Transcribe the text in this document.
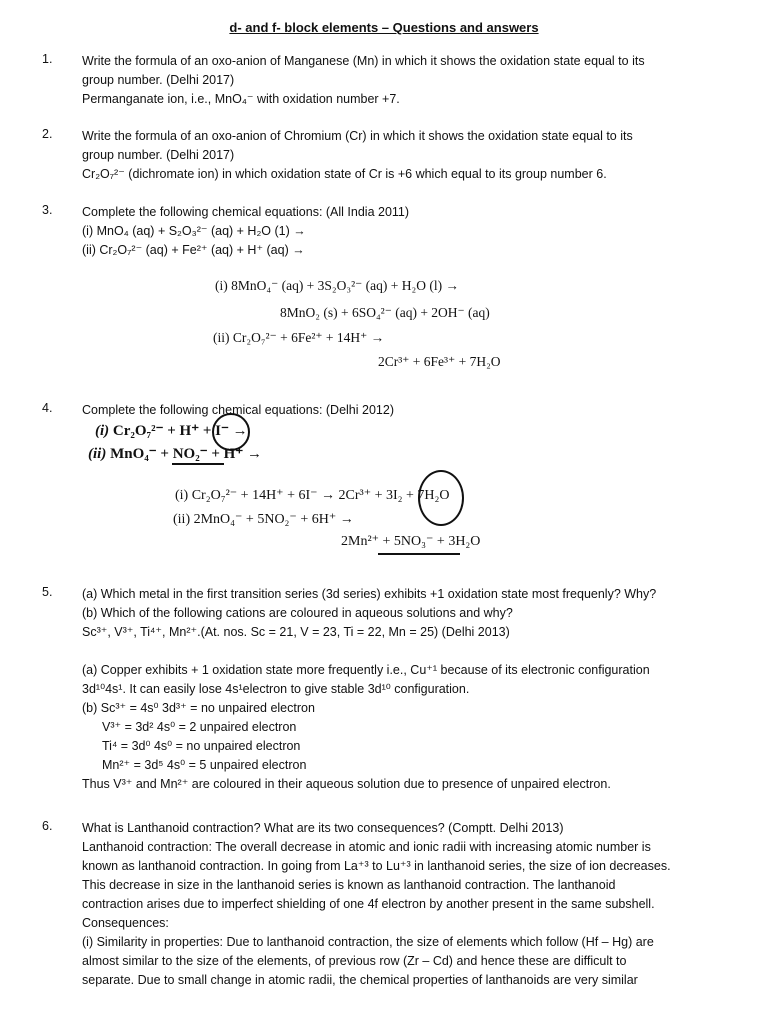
d- and f- block elements – Questions and answers
1.	Write the formula of an oxo-anion of Manganese (Mn) in which it shows the oxidation state equal to its
group number. (Delhi 2017)
Permanganate ion, i.e., MnO₄⁻ with oxidation number +7.
2.	Write the formula of an oxo-anion of Chromium (Cr) in which it shows the oxidation state equal to its
group number. (Delhi 2017)
Cr₂O₇²⁻ (dichromate ion) in which oxidation state of Cr is +6 which equal to its group number 6.
3.	Complete the following chemical equations: (All India 2011)
(i) MnO₄ (aq) + S₂O₃²⁻ (aq) + H₂O (1) →
(ii) Cr₂O₇²⁻ (aq) + Fe²⁺ (aq) + H⁺ (aq) →
(i) 8MnO₄⁻ (aq) + 3S₂O₃²⁻ (aq) + H₂O (l) →
8MnO₂ (s) + 6SO₄²⁻ (aq) + 2OH⁻ (aq)
(ii) Cr₂O₇²⁻ + 6Fe²⁺ + 14H⁺ →
2Cr³⁺ + 6Fe³⁺ + 7H₂O
4.	Complete the following chemical equations: (Delhi 2012)
(i) Cr₂O₇²⁻ + H⁺ + I⁻ →
(ii) MnO₄⁻ + NO₂⁻ + H⁺ →
(i) Cr₂O₇²⁻ + 14H⁺ + 6I⁻ → 2Cr³⁺ + 3I₂ + 7H₂O
(ii) 2MnO₄⁻ + 5NO₂⁻ + 6H⁺ →
2Mn²⁺ + 5NO₃⁻ + 3H₂O
5.	(a) Which metal in the first transition series (3d series) exhibits +1 oxidation state most frequenly? Why?
(b) Which of the following cations are coloured in aqueous solutions and why?
Sc³⁺, V³⁺, Ti⁴⁺, Mn²⁺.(At. nos. Sc = 21, V = 23, Ti = 22, Mn = 25) (Delhi 2013)
(a) Copper exhibits + 1 oxidation state more frequently i.e., Cu⁺¹ because of its electronic configuration
3d¹⁰4s¹. It can easily lose 4s¹electron to give stable 3d¹⁰ configuration.
(b) Sc³⁺ = 4s⁰ 3d³⁺ = no unpaired electron
V³⁺ = 3d² 4s⁰ = 2 unpaired electron
Ti⁴ = 3d⁰ 4s⁰ = no unpaired electron
Mn²⁺ = 3d⁵ 4s⁰ = 5 unpaired electron
Thus V³⁺ and Mn²⁺ are coloured in their aqueous solution due to presence of unpaired electron.
6.	What is Lanthanoid contraction? What are its two consequences? (Comptt. Delhi 2013)
Lanthanoid contraction: The overall decrease in atomic and ionic radii with increasing atomic number is
known as lanthanoid contraction. In going from La⁺³ to Lu⁺³ in lanthanoid series, the size of ion decreases.
This decrease in size in the lanthanoid series is known as lanthanoid contraction. The lanthanoid
contraction arises due to imperfect shielding of one 4f electron by another present in the same subshell.
Consequences:
(i) Similarity in properties: Due to lanthanoid contraction, the size of elements which follow (Hf – Hg) are
almost similar to the size of the elements, of previous row (Zr – Cd) and hence these are difficult to
separate. Due to small change in atomic radii, the chemical properties of lanthanoids are very similar
